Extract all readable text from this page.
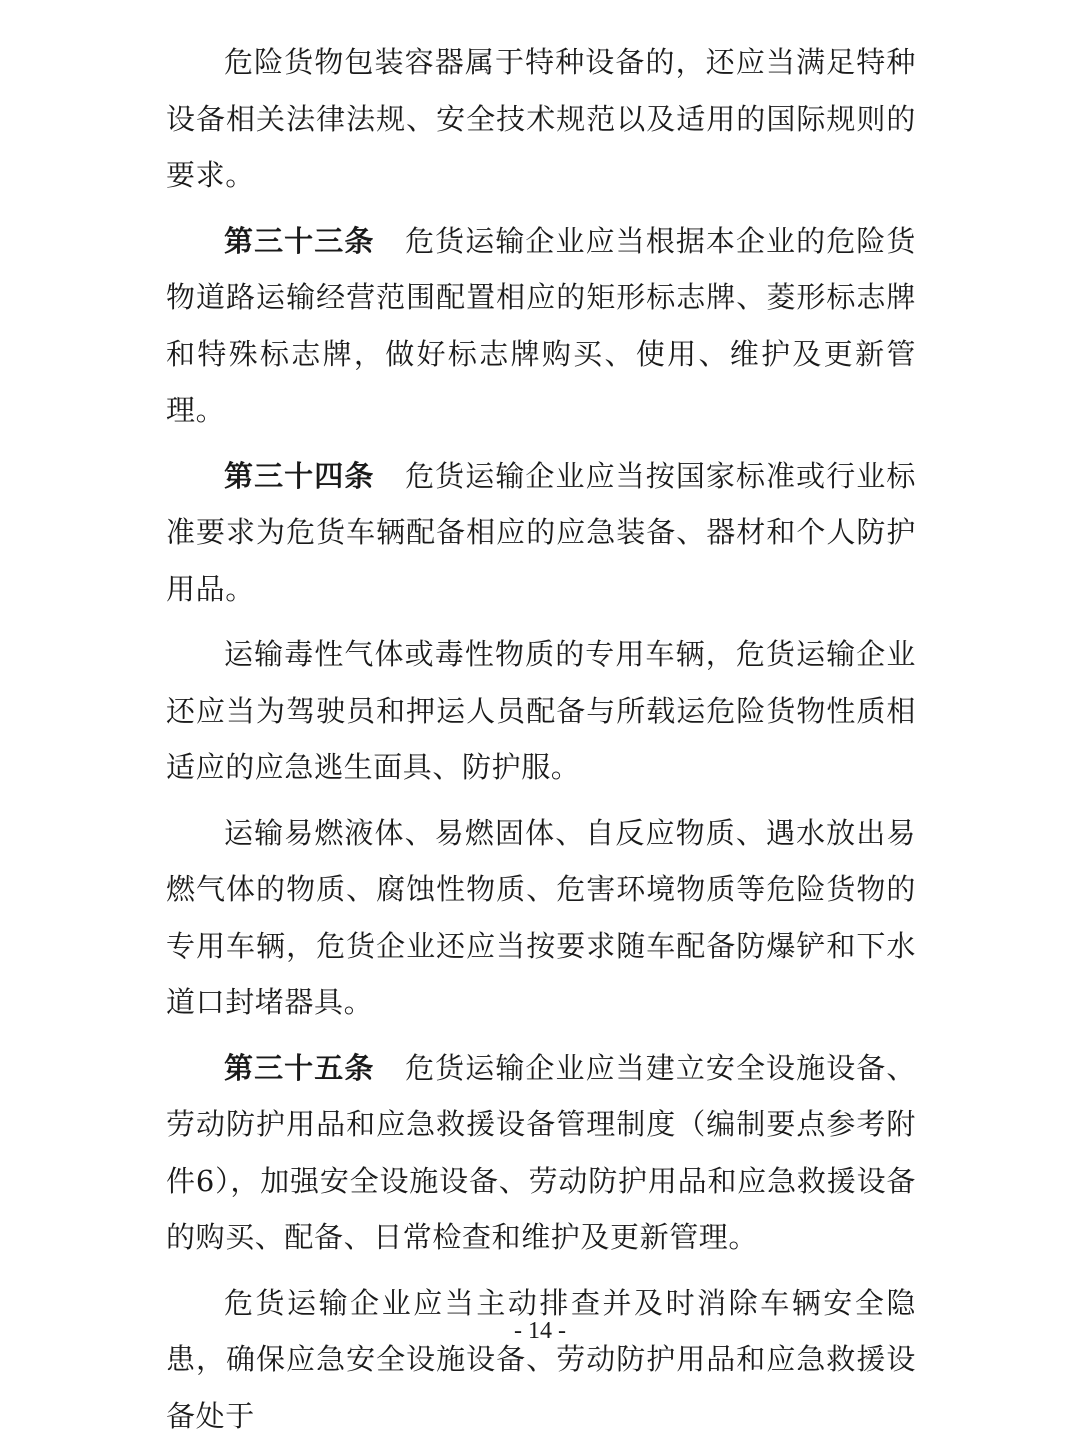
危险货物包装容器属于特种设备的，还应当满足特种设备相关法律法规、安全技术规范以及适用的国际规则的要求。

第三十三条   危货运输企业应当根据本企业的危险货物道路运输经营范围配置相应的矩形标志牌、菱形标志牌和特殊标志牌，做好标志牌购买、使用、维护及更新管理。

第三十四条   危货运输企业应当按国家标准或行业标准要求为危货车辆配备相应的应急装备、器材和个人防护用品。

运输毒性气体或毒性物质的专用车辆，危货运输企业还应当为驾驶员和押运人员配备与所载运危险货物性质相适应的应急逃生面具、防护服。

运输易燃液体、易燃固体、自反应物质、遇水放出易燃气体的物质、腐蚀性物质、危害环境物质等危险货物的专用车辆，危货企业还应当按要求随车配备防爆铲和下水道口封堵器具。

第三十五条   危货运输企业应当建立安全设施设备、劳动防护用品和应急救援设备管理制度（编制要点参考附件6），加强安全设施设备、劳动防护用品和应急救援设备的购买、配备、日常检查和维护及更新管理。

危货运输企业应当主动排查并及时消除车辆安全隐患，确保应急安全设施设备、劳动防护用品和应急救援设备处于

- 14 -
